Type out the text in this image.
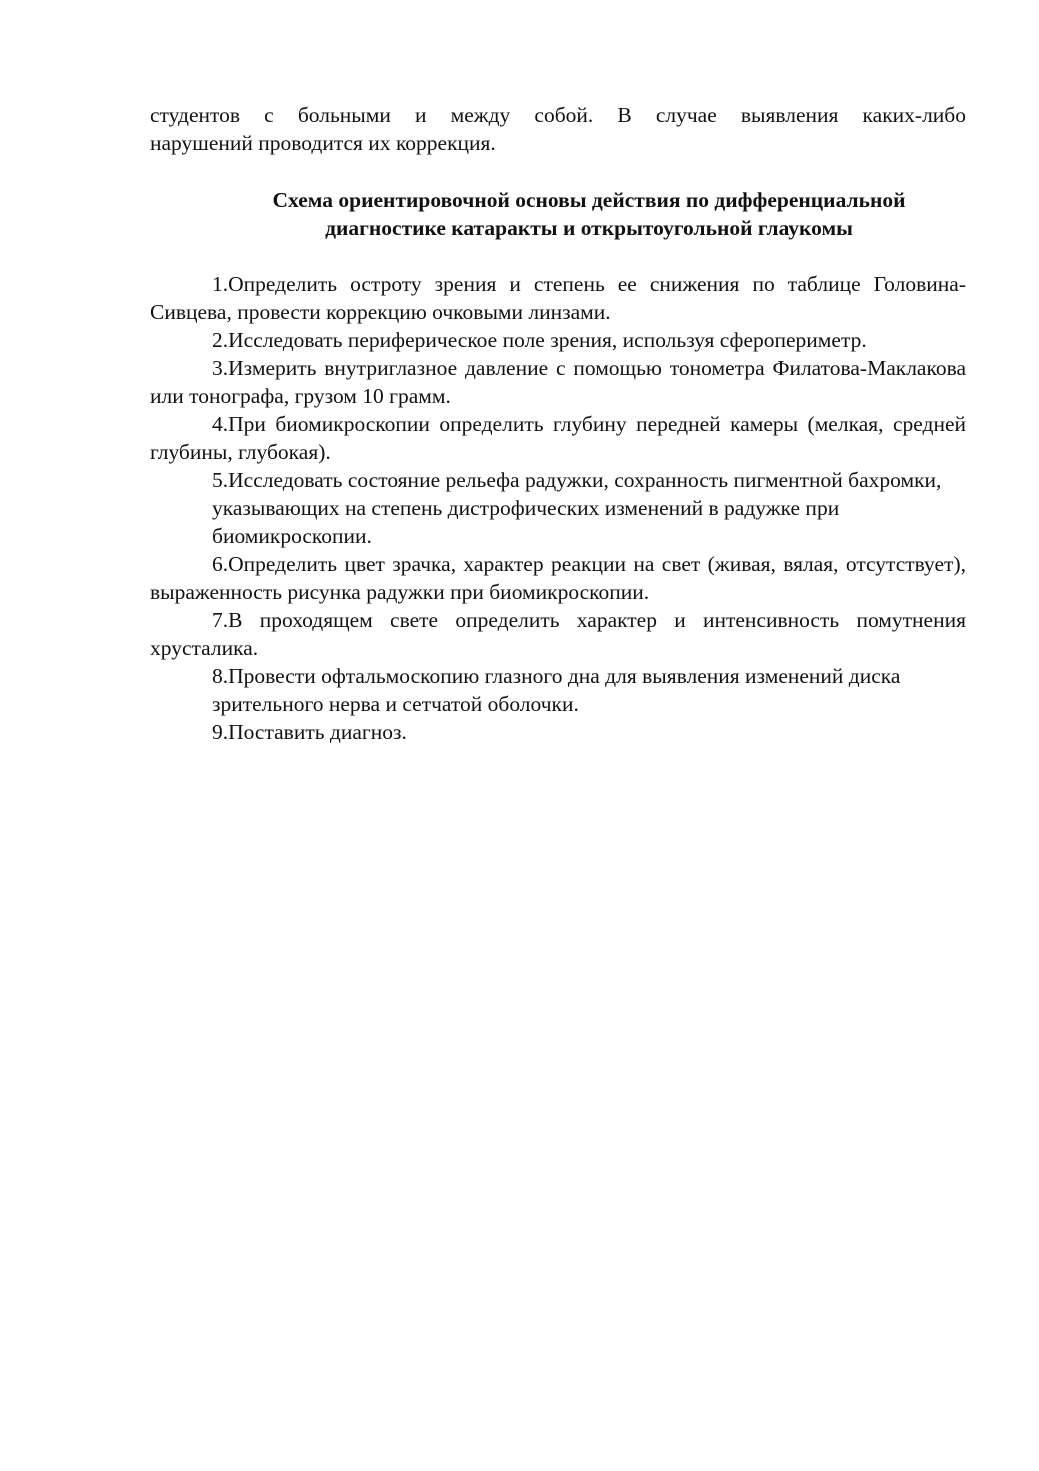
студентов с больными и между собой. В случае выявления каких-либо

нарушений проводится их коррекция.

Схема ориентировочной основы действия по дифференциальной
диагностике катаракты и открытоугольной глаукомы

1.Определить остроту зрения и степень ее снижения по таблице Головина-Сивцева, провести коррекцию очковыми линзами.

2.Исследовать периферическое поле зрения, используя сфероперимeтр.

3.Измерить внутриглазное давление с помощью тонометра Филатова-Маклакова или тонографа, грузом 10 грамм.

4.При биомикроскопии определить глубину передней камеры (мелкая, средней глубины, глубокая).

5.Исследовать состояние рельефа радужки, сохранность пигментной бахромки, указывающих на степень дистрофических изменений в радужке при биомикроскопии.

6.Определить цвет зрачка, характер реакции на свет (живая, вялая, отсутствует), выраженность рисунка радужки при биомикроскопии.

7.В проходящем свете определить характер и интенсивность помутнения хрусталика.

8.Провести офтальмоскопию глазного дна для выявления изменений диска зрительного нерва и сетчатой оболочки.

9.Поставить диагноз.
